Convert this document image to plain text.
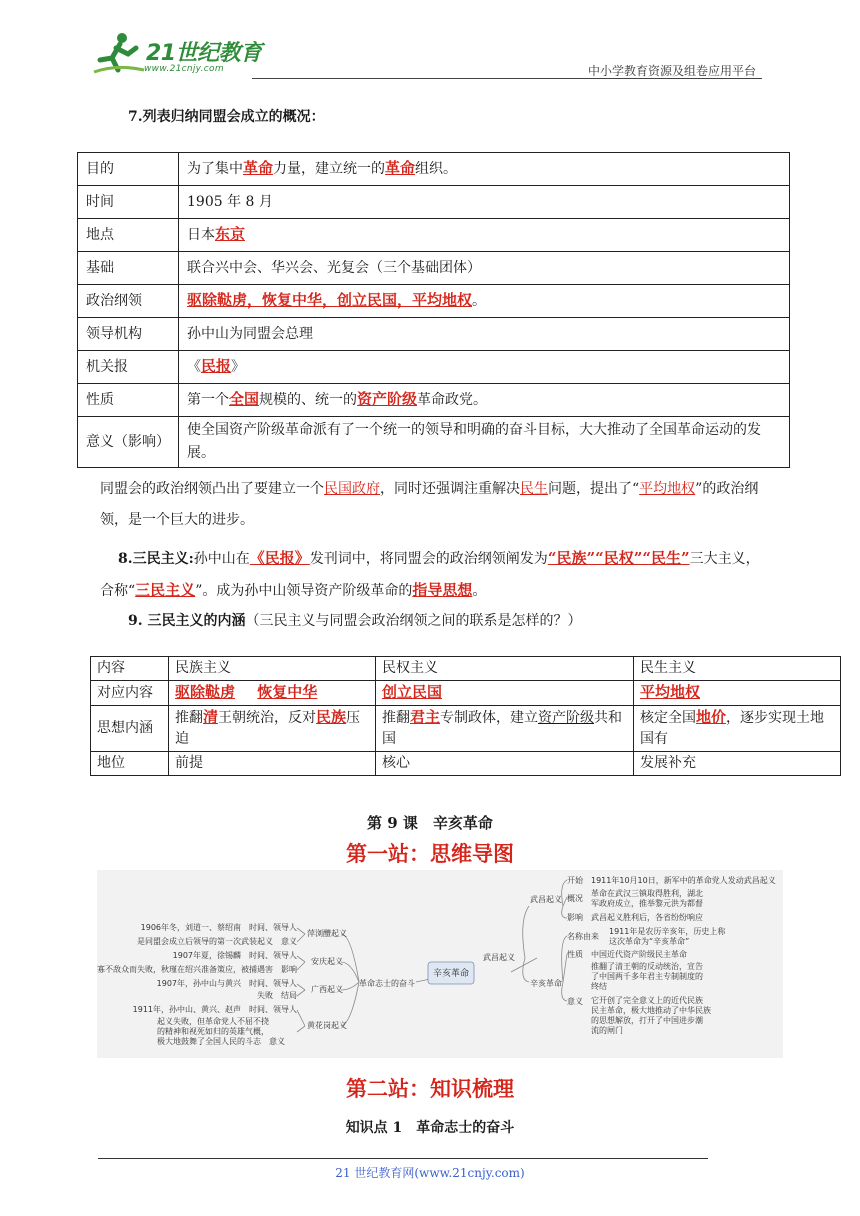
21世纪教育
www.21cnjy.com	中小学教育资源及组卷应用平台
7.列表归纳同盟会成立的概况：
目的	为了集中革命力量，建立统一的革命组织。
时间	1905 年 8 月
地点	日本东京
基础	联合兴中会、华兴会、光复会（三个基础团体）
政治纲领	驱除鞑虏，恢复中华，创立民国，平均地权。
领导机构	孙中山为同盟会总理
机关报	《民报》
性质	第一个全国规模的、统一的资产阶级革命政党。
意义（影响）	使全国资产阶级革命派有了一个统一的领导和明确的奋斗目标，大大推动了全国革命运动的发展。
同盟会的政治纲领凸出了要建立一个民国政府，同时还强调注重解决民生问题，提出了“平均地权”的政治纲领，是一个巨大的进步。
8.三民主义:孙中山在《民报》发刊词中，将同盟会的政治纲领阐发为“民族”“民权”“民生”三大主义，合称“三民主义”。成为孙中山领导资产阶级革命的指导思想。
9. 三民主义的内涵（三民主义与同盟会政治纲领之间的联系是怎样的？）
内容	民族主义	民权主义	民生主义
对应内容	驱除鞑虏 恢复中华	创立民国	平均地权
思想内涵	推翻清王朝统治，反对民族压迫	推翻君主专制政体，建立资产阶级共和国	核定全国地价，逐步实现土地国有
地位	前提	核心	发展补充
第 9 课　辛亥革命
第一站：思维导图
辛亥革命
革命志士的奋斗
武昌起义
武昌起义
开始 1911年10月10日，新军中的革命党人发动武昌起义
概况
革命在武汉三镇取得胜利，湖北
军政府成立，推举黎元洪为都督
影响 武昌起义胜利后，各省纷纷响应
辛亥革命
名称由来
1911年是农历辛亥年，历史上称
这次革命为“辛亥革命”
性质 中国近代资产阶级民主革命
意义
推翻了清王朝的反动统治，宣告
了中国两千多年君主专制制度的
终结
它开创了完全意义上的近代民族
民主革命，极大地推动了中华民族
的思想解放，打开了中国进步潮
流的闸门
萍浏醴起义
1906年冬，刘道一、蔡绍南　时间、领导人
是同盟会成立后领导的第一次武装起义　意义
安庆起义
1907年夏，徐锡麟　时间、领导人
寡不敌众而失败，秋瑾在绍兴准备策应，被捕遇害　影响
广西起义
1907年，孙中山与黄兴　时间、领导人
失败　结局
黄花岗起义
1911年，孙中山、黄兴、赵声　时间、领导人
起义失败，但革命党人不屈不挠
的精神和视死如归的英雄气概，
极大地鼓舞了全国人民的斗志　意义
第二站：知识梳理
知识点 1　革命志士的奋斗
21 世纪教育网(www.21cnjy.com)
